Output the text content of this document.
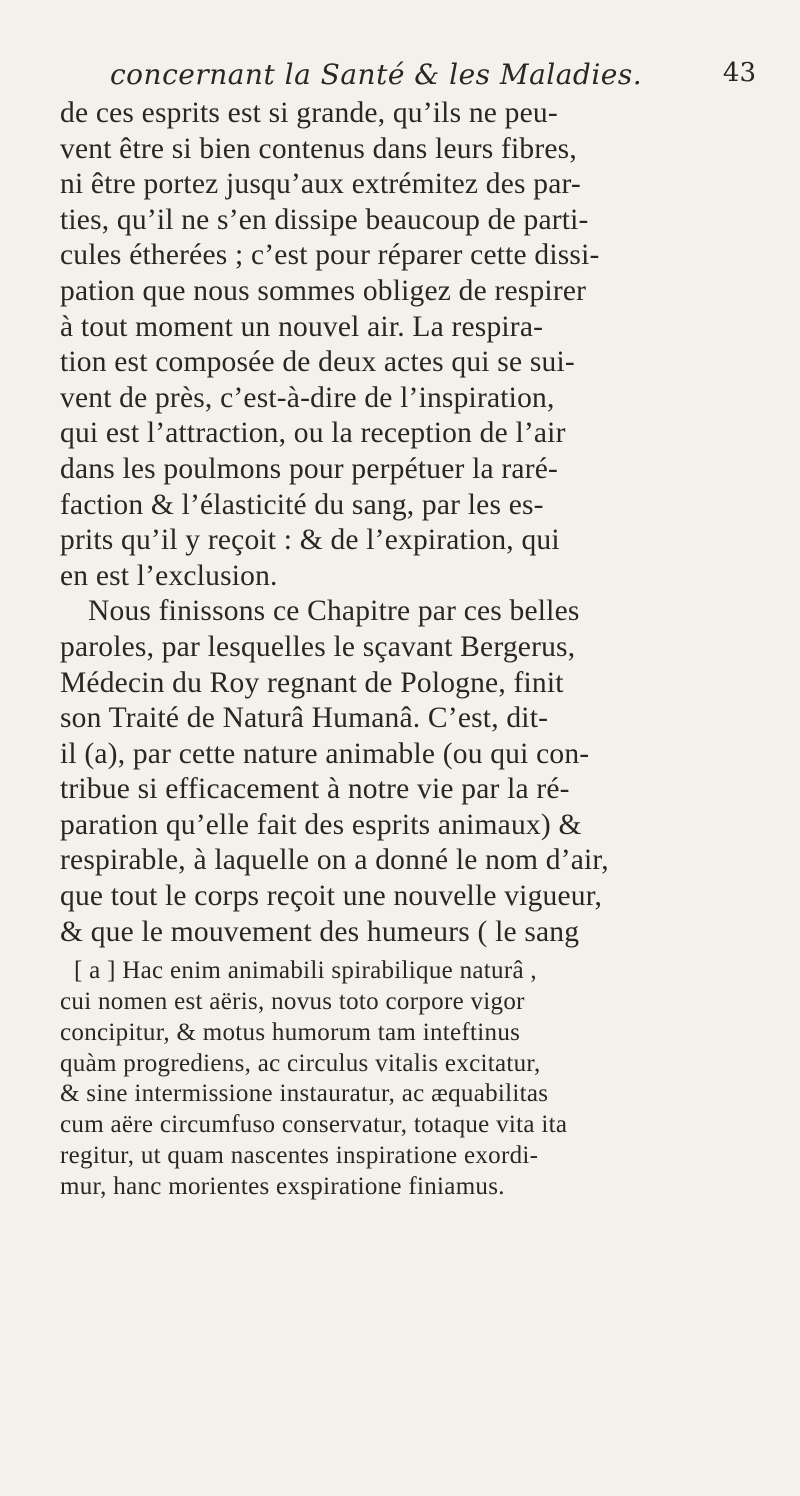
concernant la Santé & les Maladies.	43
de ces esprits est si grande, qu’ils ne peu-
vent être si bien contenus dans leurs fibres,
ni être portez jusqu’aux extrémitez des par-
ties, qu’il ne s’en dissipe beaucoup de parti-
cules étherées ; c’est pour réparer cette dissi-
pation que nous sommes obligez de respirer
à tout moment un nouvel air. La respira-
tion est composée de deux actes qui se sui-
vent de près, c’est-à-dire de l’inspiration,
qui est l’attraction, ou la reception de l’air
dans les poulmons pour perpétuer la raré-
faction & l’élasticité du sang, par les es-
prits qu’il y reçoit : & de l’expiration, qui
en est l’exclusion.
Nous finissons ce Chapitre par ces belles
paroles, par lesquelles le sçavant Bergerus,
Médecin du Roy regnant de Pologne, finit
son Traité de Naturâ Humanâ. C’est, dit-
il (a), par cette nature animable (ou qui con-
tribue si efficacement à notre vie par la ré-
paration qu’elle fait des esprits animaux) &
respirable, à laquelle on a donné le nom d’air,
que tout le corps reçoit une nouvelle vigueur,
& que le mouvement des humeurs ( le sang
[ a ] Hac enim animabili spirabilique naturâ ,
cui nomen est aëris, novus toto corpore vigor
concipitur, & motus humorum tam inteftinus
quàm progrediens, ac circulus vitalis excitatur,
& sine intermissione instauratur, ac æquabilitas
cum aëre circumfuso conservatur, totaque vita ita
regitur, ut quam nascentes inspiratione exordi-
mur, hanc morientes exspiratione finiamus.
